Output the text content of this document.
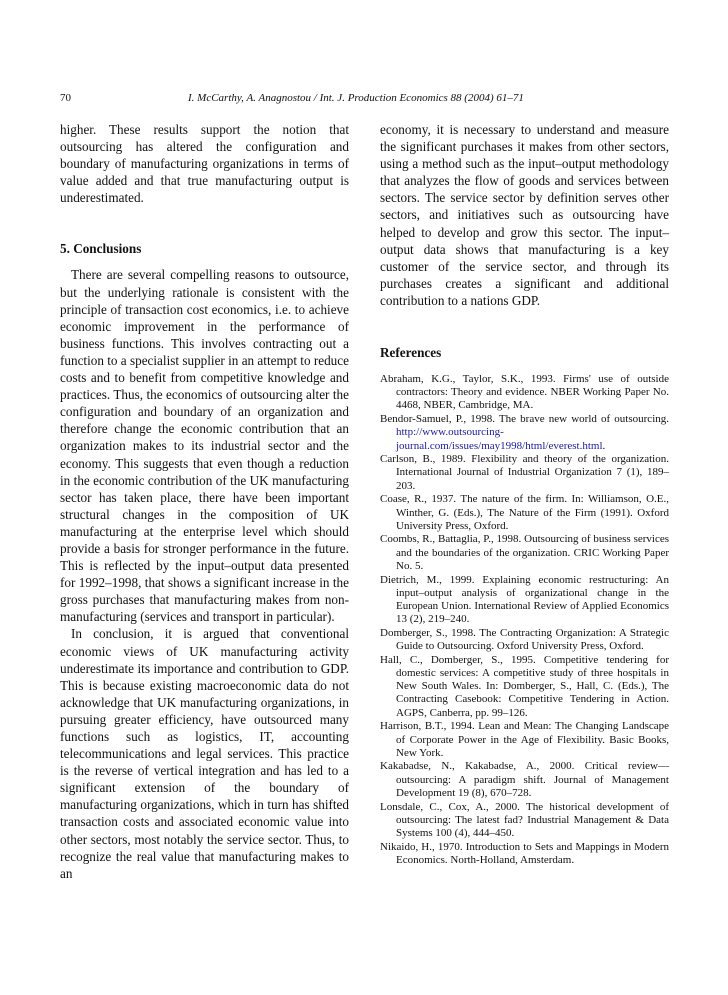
70	I. McCarthy, A. Anagnostou / Int. J. Production Economics 88 (2004) 61–71

higher. These results support the notion that outsourcing has altered the configuration and boundary of manufacturing organizations in terms of value added and that true manufacturing output is underestimated.

5. Conclusions

There are several compelling reasons to outsource, but the underlying rationale is consistent with the principle of transaction cost economics, i.e. to achieve economic improvement in the performance of business functions. This involves contracting out a function to a specialist supplier in an attempt to reduce costs and to benefit from competitive knowledge and practices. Thus, the economics of outsourcing alter the configuration and boundary of an organization and therefore change the economic contribution that an organization makes to its industrial sector and the economy. This suggests that even though a reduction in the economic contribution of the UK manufacturing sector has taken place, there have been important structural changes in the composition of UK manufacturing at the enterprise level which should provide a basis for stronger performance in the future. This is reflected by the input–output data presented for 1992–1998, that shows a significant increase in the gross purchases that manufacturing makes from non-manufacturing (services and transport in particular).

In conclusion, it is argued that conventional economic views of UK manufacturing activity underestimate its importance and contribution to GDP. This is because existing macroeconomic data do not acknowledge that UK manufacturing organizations, in pursuing greater efficiency, have outsourced many functions such as logistics, IT, accounting telecommunications and legal services. This practice is the reverse of vertical integration and has led to a significant extension of the boundary of manufacturing organizations, which in turn has shifted transaction costs and associated economic value into other sectors, most notably the service sector. Thus, to recognize the real value that manufacturing makes to an

economy, it is necessary to understand and measure the significant purchases it makes from other sectors, using a method such as the input–output methodology that analyzes the flow of goods and services between sectors. The service sector by definition serves other sectors, and initiatives such as outsourcing have helped to develop and grow this sector. The input–output data shows that manufacturing is a key customer of the service sector, and through its purchases creates a significant and additional contribution to a nations GDP.

References
Abraham, K.G., Taylor, S.K., 1993. Firms' use of outside contractors: Theory and evidence. NBER Working Paper No. 4468, NBER, Cambridge, MA.
Bendor-Samuel, P., 1998. The brave new world of outsourcing. http://www.outsourcing-journal.com/issues/may1998/html/everest.html.
Carlson, B., 1989. Flexibility and theory of the organization. International Journal of Industrial Organization 7 (1), 189–203.
Coase, R., 1937. The nature of the firm. In: Williamson, O.E., Winther, G. (Eds.), The Nature of the Firm (1991). Oxford University Press, Oxford.
Coombs, R., Battaglia, P., 1998. Outsourcing of business services and the boundaries of the organization. CRIC Working Paper No. 5.
Dietrich, M., 1999. Explaining economic restructuring: An input–output analysis of organizational change in the European Union. International Review of Applied Economics 13 (2), 219–240.
Domberger, S., 1998. The Contracting Organization: A Strategic Guide to Outsourcing. Oxford University Press, Oxford.
Hall, C., Domberger, S., 1995. Competitive tendering for domestic services: A competitive study of three hospitals in New South Wales. In: Domberger, S., Hall, C. (Eds.), The Contracting Casebook: Competitive Tendering in Action. AGPS, Canberra, pp. 99–126.
Harrison, B.T., 1994. Lean and Mean: The Changing Landscape of Corporate Power in the Age of Flexibility. Basic Books, New York.
Kakabadse, N., Kakabadse, A., 2000. Critical review—outsourcing: A paradigm shift. Journal of Management Development 19 (8), 670–728.
Lonsdale, C., Cox, A., 2000. The historical development of outsourcing: The latest fad? Industrial Management & Data Systems 100 (4), 444–450.
Nikaido, H., 1970. Introduction to Sets and Mappings in Modern Economics. North-Holland, Amsterdam.
